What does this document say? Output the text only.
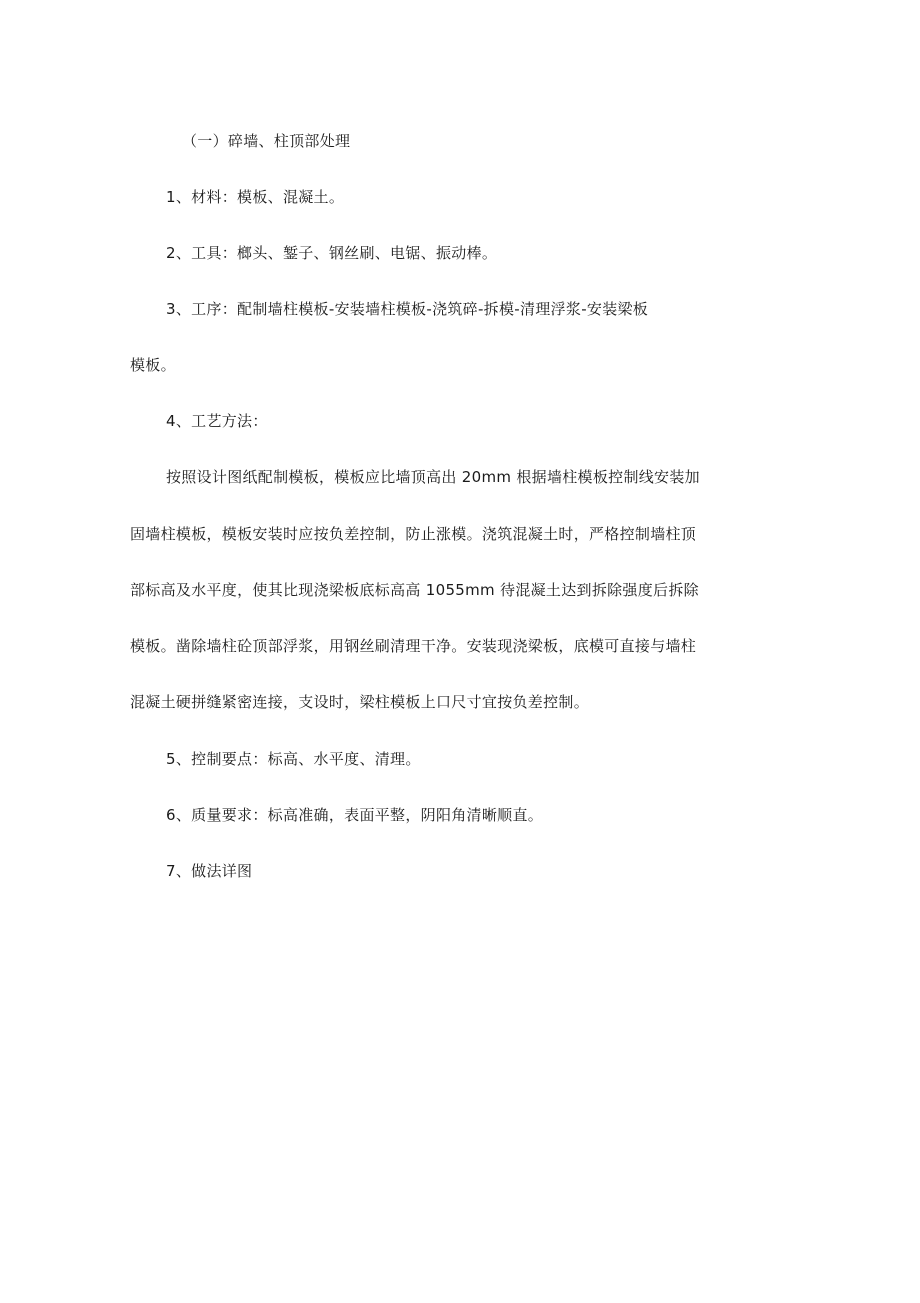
（一）碎墙、柱顶部处理
1、材料：模板、混凝土。
2、工具：榔头、錾子、钢丝刷、电锯、振动棒。
3、工序：配制墙柱模板-安装墙柱模板-浇筑碎-拆模-清理浮浆-安装梁板
模板。
4、工艺方法：
按照设计图纸配制模板，模板应比墙顶高出 20mm 根据墙柱模板控制线安装加
固墙柱模板，模板安装时应按负差控制，防止涨模。浇筑混凝土时，严格控制墙柱顶
部标高及水平度，使其比现浇梁板底标高高 1055mm 待混凝土达到拆除强度后拆除
模板。凿除墙柱砼顶部浮浆，用钢丝刷清理干净。安装现浇梁板，底模可直接与墙柱
混凝土硬拼缝紧密连接，支设时，梁柱模板上口尺寸宜按负差控制。
5、控制要点：标高、水平度、清理。
6、质量要求：标高准确，表面平整，阴阳角清晰顺直。
7、做法详图
